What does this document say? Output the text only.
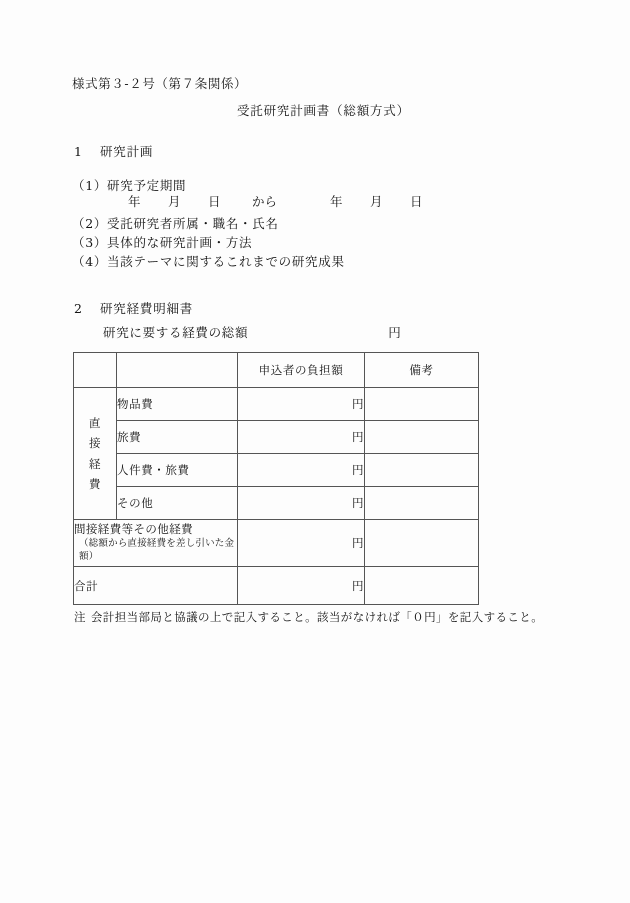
様式第３‐２号（第７条関係）
受託研究計画書（総額方式）
1 研究計画
（1）研究予定期間
年 月 日	から	年 月 日
（2）受託研究者所属・職名・氏名
（3）具体的な研究計画・方法
（4）当該テーマに関するこれまでの研究成果
2 研究経費明細書
研究に要する経費の総額	円
		申込者の負担額	備考

直
接
経
費	物品費	円	
	旅費	円	
	人件費・旅費	円	
	その他	円	

間接経費等その他経費
（総額から直接経費を差し引いた金額）		円	
合計		円	
注 会計担当部局と協議の上で記入すること。該当がなければ「０円」を記入すること。
